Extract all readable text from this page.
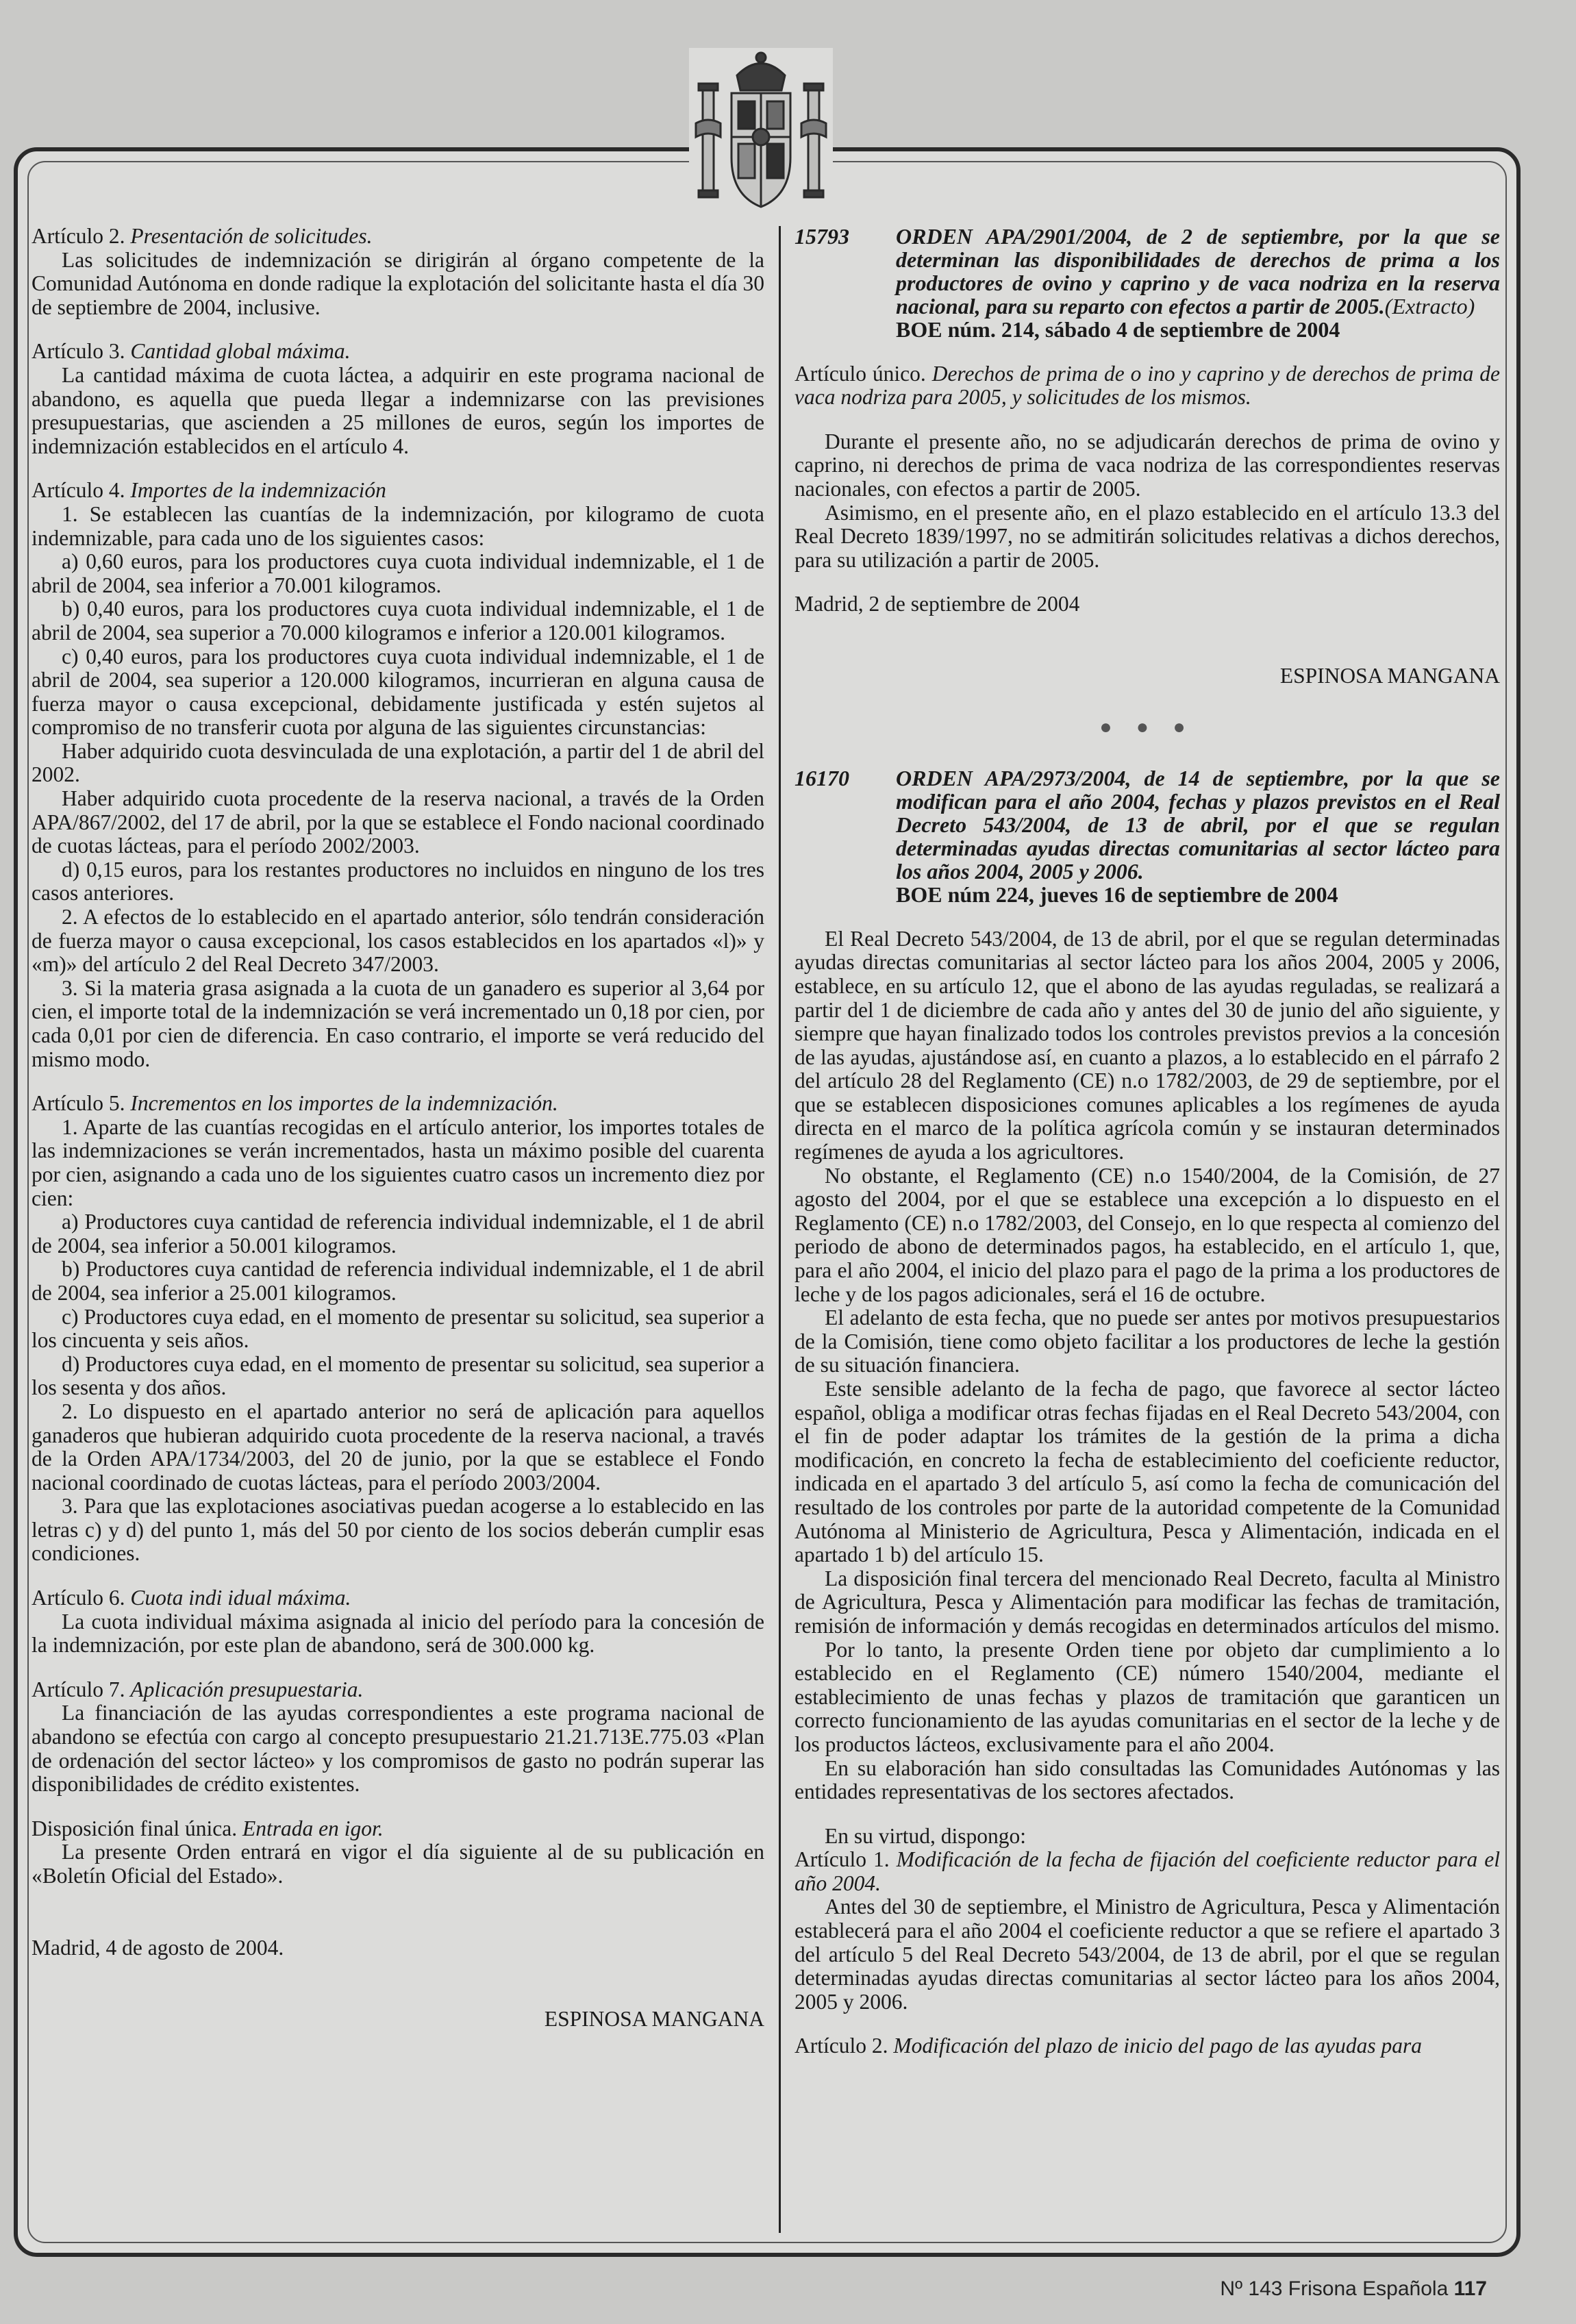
Artículo 2. Presentación de solicitudes.

Las solicitudes de indemnización se dirigirán al órgano competente de la Comunidad Autónoma en donde radique la explotación del solicitante hasta el día 30 de septiembre de 2004, inclusive.

Artículo 3. Cantidad global máxima.

La cantidad máxima de cuota láctea, a adquirir en este programa nacional de abandono, es aquella que pueda llegar a indemnizarse con las previsiones presupuestarias, que ascienden a 25 millones de euros, según los importes de indemnización establecidos en el artículo 4.

Artículo 4. Importes de la indemnización

1. Se establecen las cuantías de la indemnización, por kilogramo de cuota indemnizable, para cada uno de los siguientes casos:

a) 0,60 euros, para los productores cuya cuota individual indemnizable, el 1 de abril de 2004, sea inferior a 70.001 kilogramos.

b) 0,40 euros, para los productores cuya cuota individual indemnizable, el 1 de abril de 2004, sea superior a 70.000 kilogramos e inferior a 120.001 kilogramos.

c) 0,40 euros, para los productores cuya cuota individual indemnizable, el 1 de abril de 2004, sea superior a 120.000 kilogramos, incurrieran en alguna causa de fuerza mayor o causa excepcional, debidamente justificada y estén sujetos al compromiso de no transferir cuota por alguna de las siguientes circunstancias:

Haber adquirido cuota desvinculada de una explotación, a partir del 1 de abril del 2002.

Haber adquirido cuota procedente de la reserva nacional, a través de la Orden APA/867/2002, del 17 de abril, por la que se establece el Fondo nacional coordinado de cuotas lácteas, para el período 2002/2003.

d) 0,15 euros, para los restantes productores no incluidos en ninguno de los tres casos anteriores.

2. A efectos de lo establecido en el apartado anterior, sólo tendrán consideración de fuerza mayor o causa excepcional, los casos establecidos en los apartados «l)» y «m)» del artículo 2 del Real Decreto 347/2003.

3. Si la materia grasa asignada a la cuota de un ganadero es superior al 3,64 por cien, el importe total de la indemnización se verá incrementado un 0,18 por cien, por cada 0,01 por cien de diferencia. En caso contrario, el importe se verá reducido del mismo modo.

Artículo 5. Incrementos en los importes de la indemnización.

1. Aparte de las cuantías recogidas en el artículo anterior, los importes totales de las indemnizaciones se verán incrementados, hasta un máximo posible del cuarenta por cien, asignando a cada uno de los siguientes cuatro casos un incremento diez por cien:

a) Productores cuya cantidad de referencia individual indemnizable, el 1 de abril de 2004, sea inferior a 50.001 kilogramos.

b) Productores cuya cantidad de referencia individual indemnizable, el 1 de abril de 2004, sea inferior a 25.001 kilogramos.

c) Productores cuya edad, en el momento de presentar su solicitud, sea superior a los cincuenta y seis años.

d) Productores cuya edad, en el momento de presentar su solicitud, sea superior a los sesenta y dos años.

2. Lo dispuesto en el apartado anterior no será de aplicación para aquellos ganaderos que hubieran adquirido cuota procedente de la reserva nacional, a través de la Orden APA/1734/2003, del 20 de junio, por la que se establece el Fondo nacional coordinado de cuotas lácteas, para el período 2003/2004.

3. Para que las explotaciones asociativas puedan acogerse a lo establecido en las letras c) y d) del punto 1, más del 50 por ciento de los socios deberán cumplir esas condiciones.

Artículo 6. Cuota indi idual máxima.

La cuota individual máxima asignada al inicio del período para la concesión de la indemnización, por este plan de abandono, será de 300.000 kg.

Artículo 7. Aplicación presupuestaria.

La financiación de las ayudas correspondientes a este programa nacional de abandono se efectúa con cargo al concepto presupuestario 21.21.713E.775.03 «Plan de ordenación del sector lácteo» y los compromisos de gasto no podrán superar las disponibilidades de crédito existentes.

Disposición final única. Entrada en igor.

La presente Orden entrará en vigor el día siguiente al de su publicación en «Boletín Oficial del Estado».

Madrid, 4 de agosto de 2004.

ESPINOSA MANGANA

15793	ORDEN APA/2901/2004, de 2 de septiembre, por la que se determinan las disponibilidades de derechos de prima a los productores de ovino y caprino y de vaca nodriza en la reserva nacional, para su reparto con efectos a partir de 2005.(Extracto)

BOE núm. 214, sábado 4 de septiembre de 2004

Artículo único. Derechos de prima de o ino y caprino y de derechos de prima de vaca nodriza para 2005, y solicitudes de los mismos.

Durante el presente año, no se adjudicarán derechos de prima de ovino y caprino, ni derechos de prima de vaca nodriza de las correspondientes reservas nacionales, con efectos a partir de 2005.

Asimismo, en el presente año, en el plazo establecido en el artículo 13.3 del Real Decreto 1839/1997, no se admitirán solicitudes relativas a dichos derechos, para su utilización a partir de 2005.

Madrid, 2 de septiembre de 2004

ESPINOSA MANGANA

● ● ●

16170	ORDEN APA/2973/2004, de 14 de septiembre, por la que se modifican para el año 2004, fechas y plazos previstos en el Real Decreto 543/2004, de 13 de abril, por el que se regulan determinadas ayudas directas comunitarias al sector lácteo para los años 2004, 2005 y 2006.

BOE núm 224, jueves 16 de septiembre de 2004

El Real Decreto 543/2004, de 13 de abril, por el que se regulan determinadas ayudas directas comunitarias al sector lácteo para los años 2004, 2005 y 2006, establece, en su artículo 12, que el abono de las ayudas reguladas, se realizará a partir del 1 de diciembre de cada año y antes del 30 de junio del año siguiente, y siempre que hayan finalizado todos los controles previstos previos a la concesión de las ayudas, ajustándose así, en cuanto a plazos, a lo establecido en el párrafo 2 del artículo 28 del Reglamento (CE) n.o 1782/2003, de 29 de septiembre, por el que se establecen disposiciones comunes aplicables a los regímenes de ayuda directa en el marco de la política agrícola común y se instauran determinados regímenes de ayuda a los agricultores.

No obstante, el Reglamento (CE) n.o 1540/2004, de la Comisión, de 27 agosto del 2004, por el que se establece una excepción a lo dispuesto en el Reglamento (CE) n.o 1782/2003, del Consejo, en lo que respecta al comienzo del periodo de abono de determinados pagos, ha establecido, en el artículo 1, que, para el año 2004, el inicio del plazo para el pago de la prima a los productores de leche y de los pagos adicionales, será el 16 de octubre.

El adelanto de esta fecha, que no puede ser antes por motivos presupuestarios de la Comisión, tiene como objeto facilitar a los productores de leche la gestión de su situación financiera.

Este sensible adelanto de la fecha de pago, que favorece al sector lácteo español, obliga a modificar otras fechas fijadas en el Real Decreto 543/2004, con el fin de poder adaptar los trámites de la gestión de la prima a dicha modificación, en concreto la fecha de establecimiento del coeficiente reductor, indicada en el apartado 3 del artículo 5, así como la fecha de comunicación del resultado de los controles por parte de la autoridad competente de la Comunidad Autónoma al Ministerio de Agricultura, Pesca y Alimentación, indicada en el apartado 1 b) del artículo 15.

La disposición final tercera del mencionado Real Decreto, faculta al Ministro de Agricultura, Pesca y Alimentación para modificar las fechas de tramitación, remisión de información y demás recogidas en determinados artículos del mismo.

Por lo tanto, la presente Orden tiene por objeto dar cumplimiento a lo establecido en el Reglamento (CE) número 1540/2004, mediante el establecimiento de unas fechas y plazos de tramitación que garanticen un correcto funcionamiento de las ayudas comunitarias en el sector de la leche y de los productos lácteos, exclusivamente para el año 2004.

En su elaboración han sido consultadas las Comunidades Autónomas y las entidades representativas de los sectores afectados.

En su virtud, dispongo:

Artículo 1. Modificación de la fecha de fijación del coeficiente reductor para el año 2004.

Antes del 30 de septiembre, el Ministro de Agricultura, Pesca y Alimentación establecerá para el año 2004 el coeficiente reductor a que se refiere el apartado 3 del artículo 5 del Real Decreto 543/2004, de 13 de abril, por el que se regulan determinadas ayudas directas comunitarias al sector lácteo para los años 2004, 2005 y 2006.

Artículo 2. Modificación del plazo de inicio del pago de las ayudas para

Nº 143 Frisona Española 117
